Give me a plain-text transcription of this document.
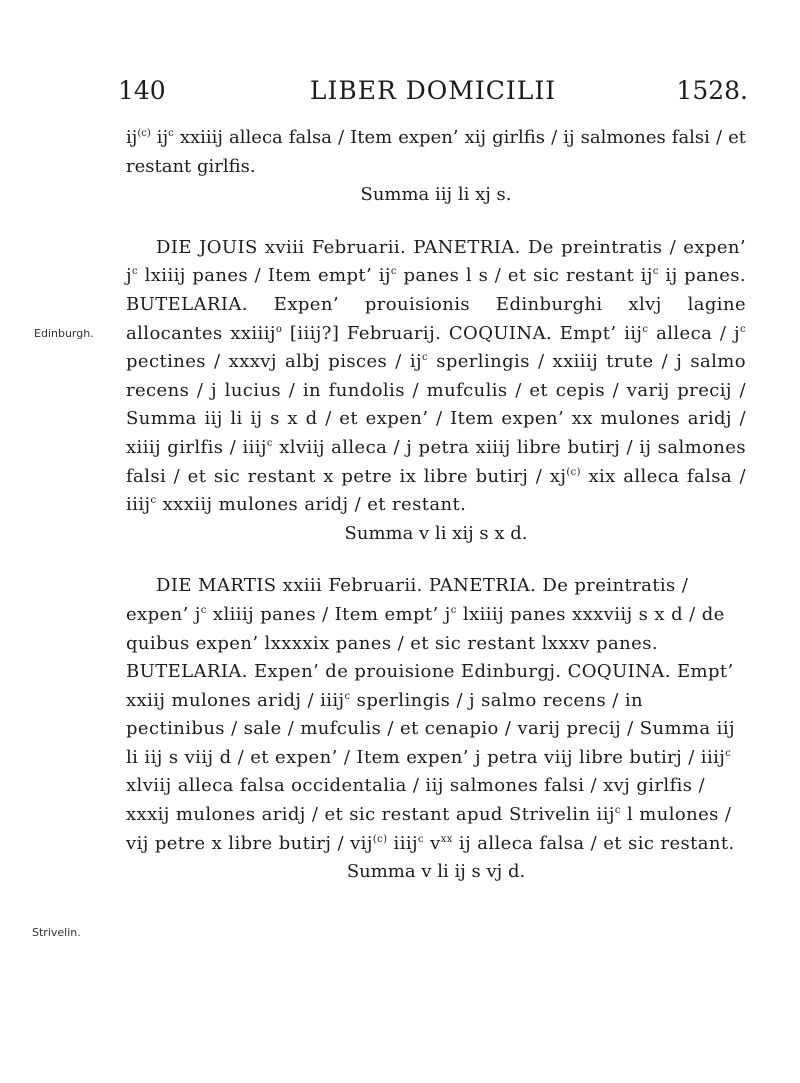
140	LIBER DOMICILII	1528.
Edinburgh.
Strivelin.

$ij^{(c)}$ $ij^c$ xxiiij alleca falsa / Item expen’ xij girlfis / ij salmones falsi / et restant girlfis.

Summa iij li xj s.

DIE JOUIS xviii Februarii. PANETRIA. De preintratis / expen’ $j^c$ lxiiij panes / Item empt’ $ij^c$ panes l s / et sic restant $ij^c$ ij panes. BUTELARIA. Expen’ prouisionis Edinburghi xlvj lagine allocantes xxiiij$^o$ [iiij?] Februarij. COQUINA. Empt’ iij$^c$ alleca / $j^c$ pectines / xxxvj albj pisces / $ij^c$ sperlingis / xxiiij trute / j salmo recens / j lucius / in fundolis / mufculis / et cepis / varij precij / Summa iij li ij s x d / et expen’ / Item expen’ xx mulones aridj / xiiij girlfis / iiij$^c$ xlviij alleca / j petra xiiij libre butirj / ij salmones falsi / et sic restant x petre ix libre butirj / $xj^{(c)}$ xix alleca falsa / iiij$^c$ xxxiij mulones aridj / et restant.

Summa v li xij s x d.

DIE MARTIS xxiii Februarii. PANETRIA. De preintratis / expen’ $j^c$ xliiij panes / Item empt’ $j^c$ lxiiij panes xxxviij s x d / de quibus expen’ lxxxxix panes / et sic restant lxxxv panes. BUTELARIA. Expen’ de prouisione Edinburgj. COQUINA. Empt’ xxiij mulones aridj / iiij$^c$ sperlingis / j salmo recens / in pectinibus / sale / mufculis / et cenapio / varij precij / Summa iij li iij s viij d / et expen’ / Item expen’ j petra viij libre butirj / iiij$^c$ xlviij alleca falsa occidentalia / iij salmones falsi / xvj girlfis / xxxij mulones aridj / et sic restant apud Strivelin iij$^c$ l mulones / vij petre x libre butirj / vij$^{(c)}$ iiij$^c$ $v^{xx}$ ij alleca falsa / et sic restant.

Summa v li ij s vj d.
